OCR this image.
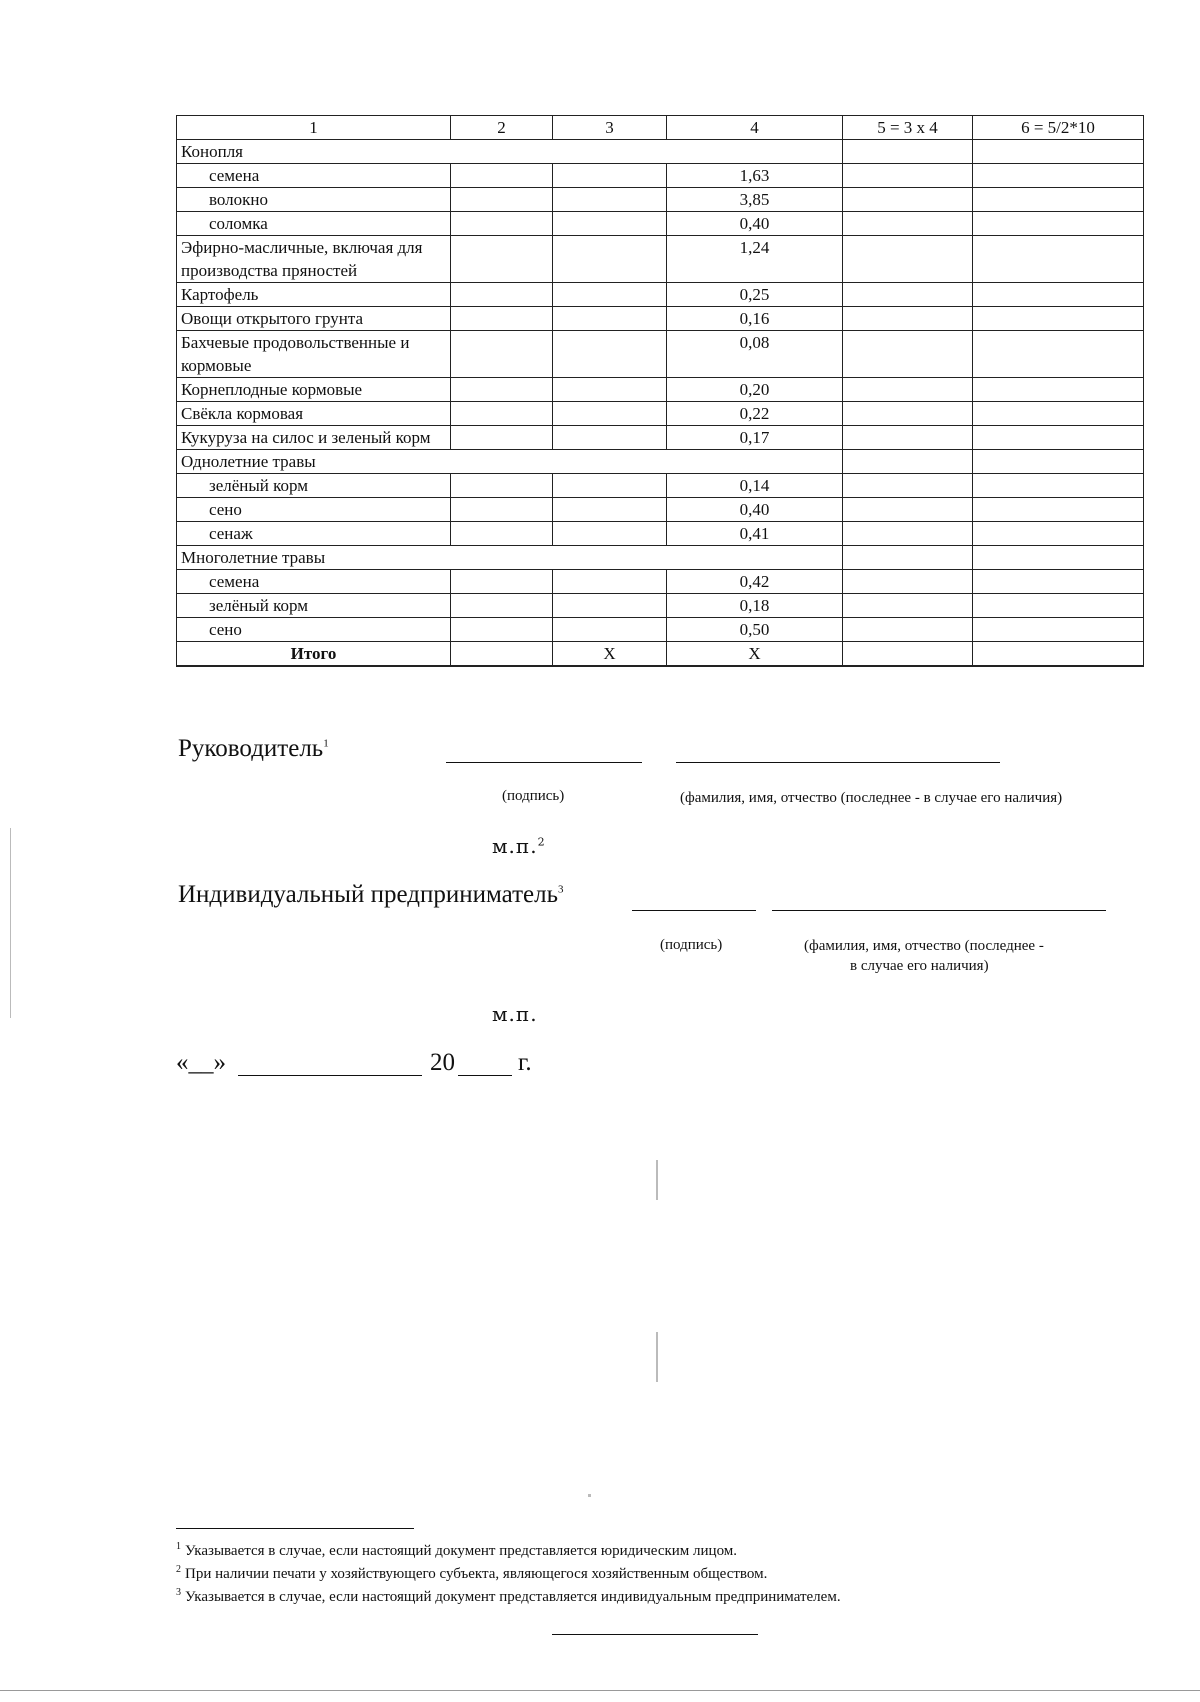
1	2	3	4	5 = 3 х 4	6 = 5/2*10
Конопля					
семена			1,63		
волокно			3,85		
соломка			0,40		
Эфирно-масличные, включая для производства пряностей			1,24		
Картофель			0,25		
Овощи открытого грунта			0,16		
Бахчевые продовольственные и кормовые			0,08		
Корнеплодные кормовые			0,20		
Свёкла кормовая			0,22		
Кукуруза на силос и зеленый корм			0,17		
Однолетние травы					
зелёный корм			0,14		
сено			0,40		
сенаж			0,41		
Многолетние травы					
семена			0,42		
зелёный корм			0,18		
сено			0,50		
Итого		Х	Х		
Руководитель$^1$
(подпись)	(фамилия, имя, отчество (последнее - в случае его наличия)
м.п.$^2$
Индивидуальный предприниматель$^3$
(подпись)	(фамилия, имя, отчество (последнее -
в случае его наличия)
м.п.
«__»	20	г.
$^1$ Указывается в случае, если настоящий документ представляется юридическим лицом.
$^2$ При наличии печати у хозяйствующего субъекта, являющегося хозяйственным обществом.
$^3$ Указывается в случае, если настоящий документ представляется индивидуальным предпринимателем.
